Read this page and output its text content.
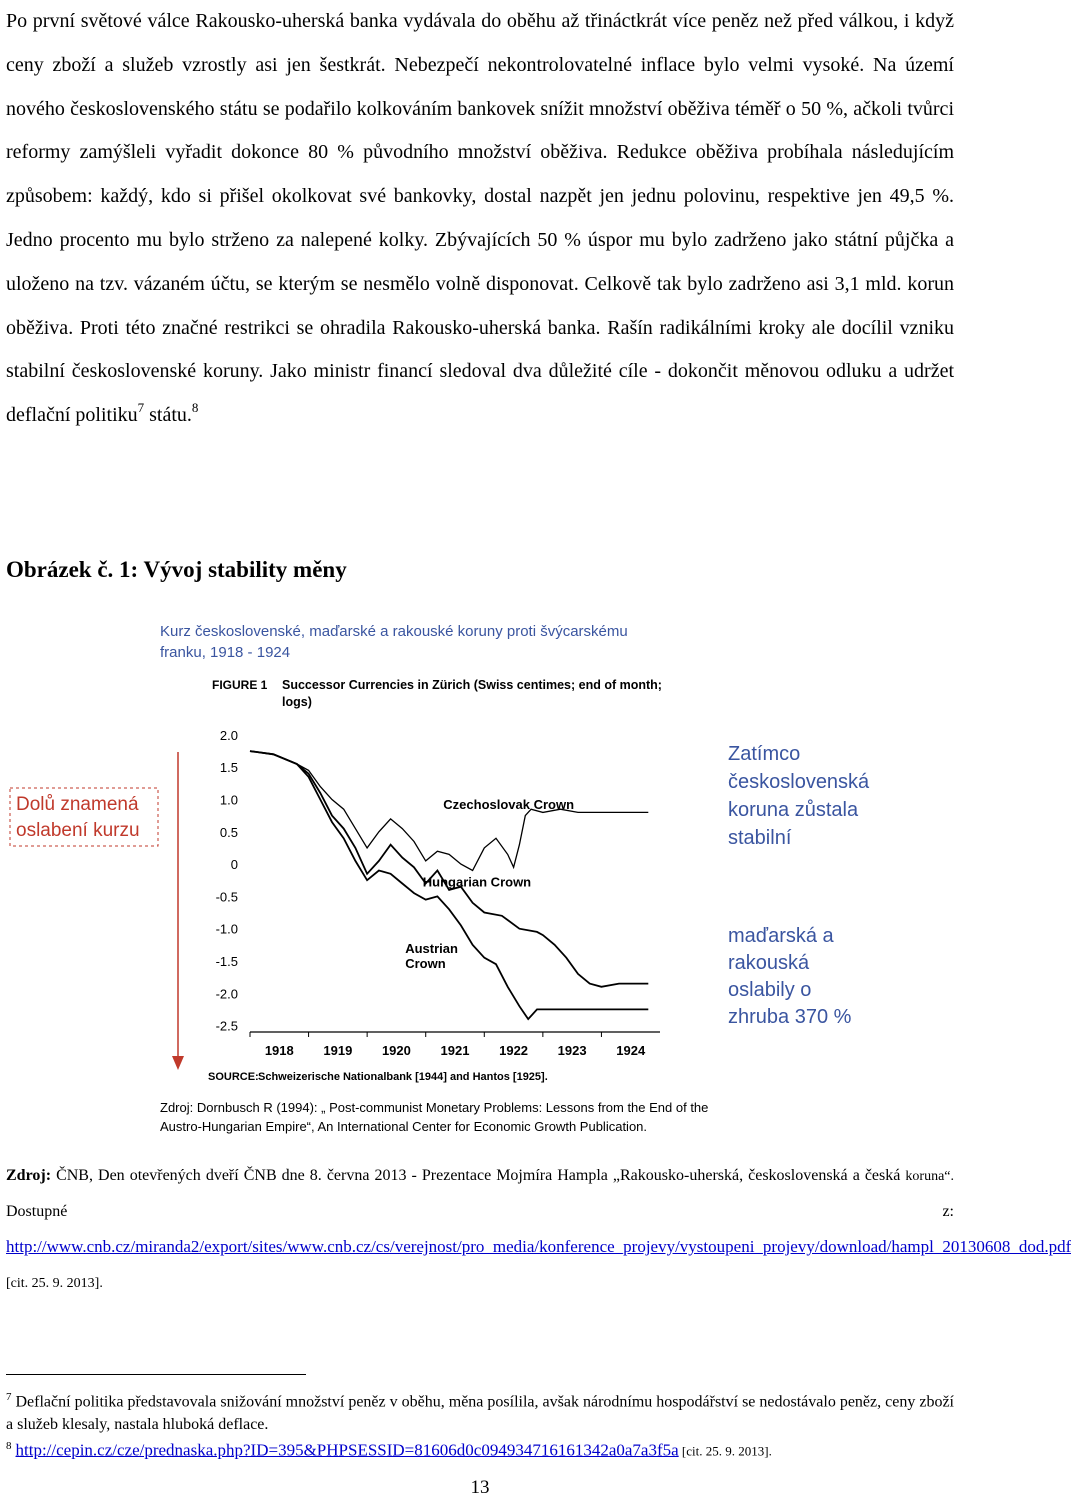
Po první světové válce Rakousko-uherská banka vydávala do oběhu až třináctkrát více peněz než před válkou, i když ceny zboží a služeb vzrostly asi jen šestkrát. Nebezpečí nekontrolovatelné inflace bylo velmi vysoké. Na území nového československého státu se podařilo kolkováním bankovek snížit množství oběživa téměř o 50 %, ačkoli tvůrci reformy zamýšleli vyřadit dokonce 80 % původního množství oběživa. Redukce oběživa probíhala následujícím způsobem: každý, kdo si přišel okolkovat své bankovky, dostal nazpět jen jednu polovinu, respektive jen 49,5 %. Jedno procento mu bylo strženo za nalepené kolky. Zbývajících 50 % úspor mu bylo zadrženo jako státní půjčka a uloženo na tzv. vázaném účtu, se kterým se nesmělo volně disponovat. Celkově tak bylo zadrženo asi 3,1 mld. korun oběživa. Proti této značné restrikci se ohradila Rakousko-uherská banka. Rašín radikálními kroky ale docílil vzniku stabilní československé koruny. Jako ministr financí sledoval dva důležité cíle - dokončit měnovou odluku a udržet deflační politiku$^7$ státu.$^8$

Obrázek č. 1: Vývoj stability měny

Kurz československé, maďarské a rakouské koruny proti švýcarskému
franku, 1918 - 1924
FIGURE 1 Successor Currencies in Zürich (Swiss centimes; end of month;
logs)
Dolů znamená
oslabení kurzu
Zatímco
československá
koruna zůstala
stabilní
maďarská a
rakouská
oslabily o
zhruba 370 %
2.0
1.5
1.0
0.5
0
-0.5
-1.0
-1.5
-2.0
-2.5
1918 1919 1920 1921 1922 1923 1924
Czechoslovak Crown
Hungarian Crown
Austrian
Crown
SOURCE: Schweizerische Nationalbank [1944] and Hantos [1925].
Zdroj: Dornbusch R (1994): „ Post-communist Monetary Problems: Lessons from the End of the
Austro-Hungarian Empire“, An International Center for Economic Growth Publication.
Zdroj: ČNB, Den otevřených dveří ČNB dne 8. června 2013 - Prezentace Mojmíra Hampla „Rakousko-uherská, československá a česká koruna“. Dostupné z: http://www.cnb.cz/miranda2/export/sites/www.cnb.cz/cs/verejnost/pro_media/konference_projevy/vystoupeni_projevy/download/hampl_20130608_dod.pdf [cit. 25. 9. 2013].
$^7$ Deflační politika představovala snižování množství peněz v oběhu, měna posílila, avšak národnímu hospodářství se nedostávalo peněz, ceny zboží a služeb klesaly, nastala hluboká deflace.
$^8$ http://cepin.cz/cze/prednaska.php?ID=395&PHPSESSID=81606d0c094934716161342a0a7a3f5a [cit. 25. 9. 2013].
13
